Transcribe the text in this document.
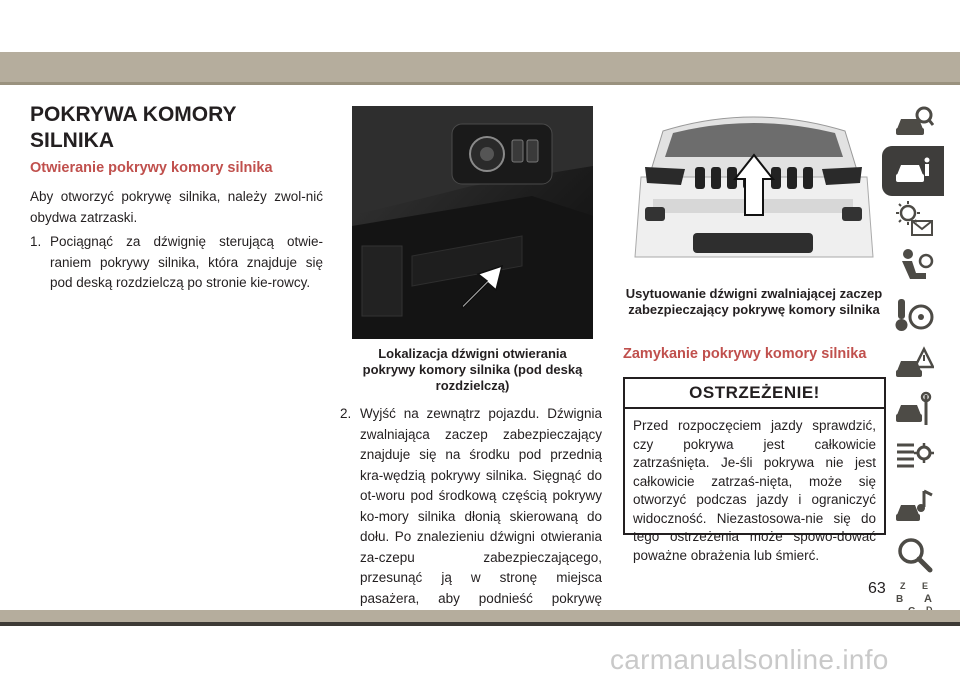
POKRYWA KOMORY
SILNIKA
Otwieranie pokrywy komory silnika
Aby otworzyć pokrywę silnika, należy zwol-nić obydwa zatrzaski.
1. Pociągnąć za dźwignię sterującą otwie-raniem pokrywy silnika, która znajduje się pod deską rozdzielczą po stronie kie-rowcy.
Lokalizacja dźwigni otwierania pokrywy komory silnika (pod deską rozdzielczą)
2. Wyjść na zewnątrz pojazdu. Dźwignia zwalniająca zaczep zabezpieczający znajduje się na środku pod przednią kra-wędzią pokrywy silnika. Sięgnąć do ot-woru pod środkową częścią pokrywy ko-mory silnika dłonią skierowaną do dołu. Po znalezieniu dźwigni otwierania za-czepu zabezpieczającego, przesunąć ją w stronę miejsca pasażera, aby podnieść pokrywę
Usytuowanie dźwigni zwalniającej zaczep zabezpieczający pokrywę komory silnika
Zamykanie pokrywy komory silnika
OSTRZEŻENIE!
Przed rozpoczęciem jazdy sprawdzić, czy pokrywa jest całkowicie zatrzaśnięta. Je-śli pokrywa nie jest całkowicie zatrzaś-nięta, może się otworzyć podczas jazdy i ograniczyć widoczność. Niezastosowa-nie się do tego ostrzeżenia może spowo-dować poważne obrażenia lub śmierć.
Z E
B A
63
carmanualsonline.info
